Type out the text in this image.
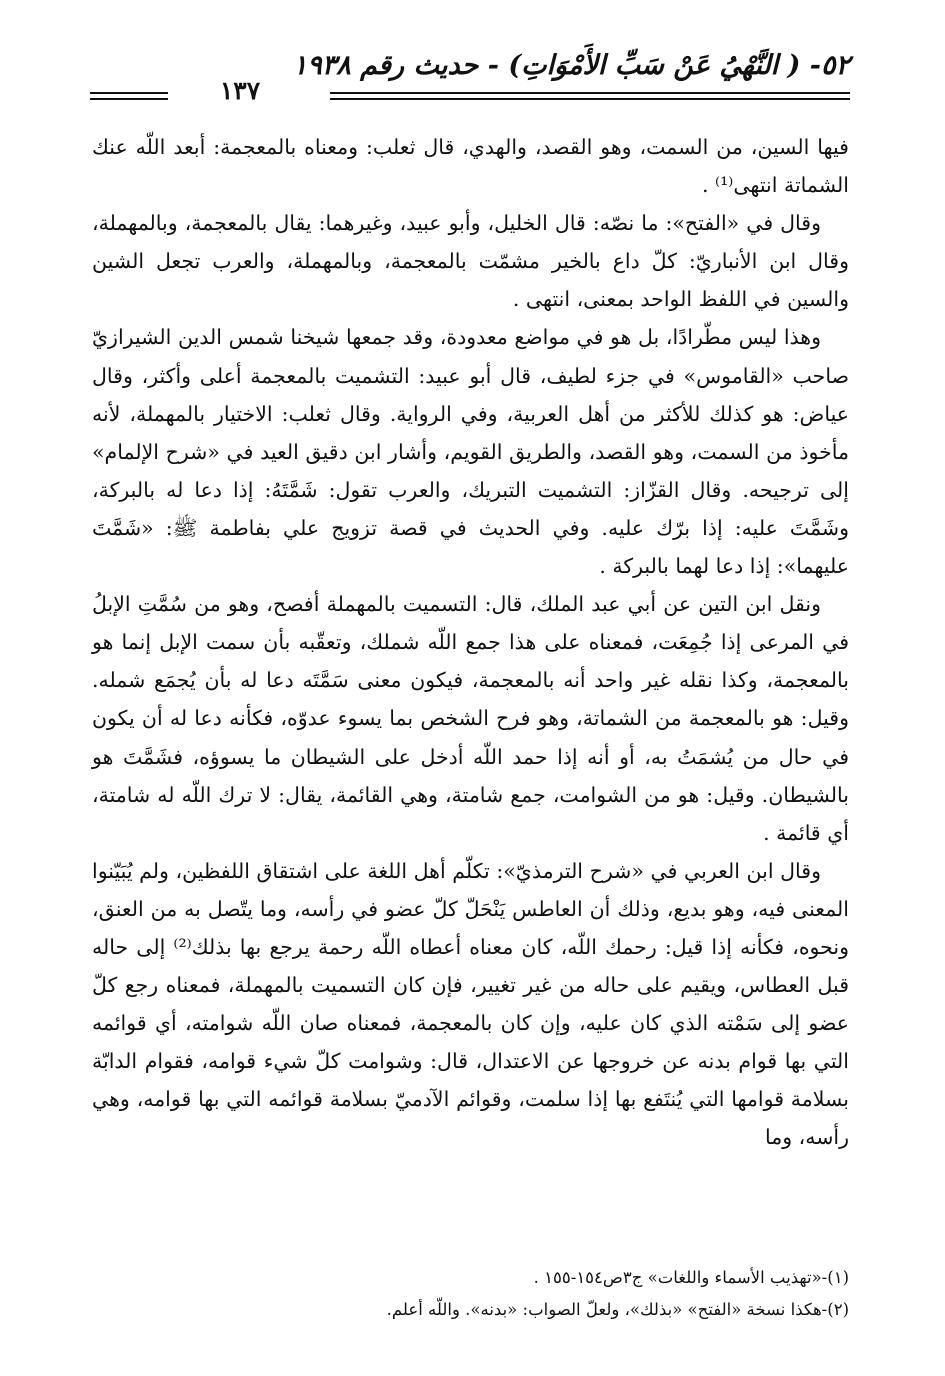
٥٢- ( النَّهْيُ عَنْ سَبِّ الأَمْوَاتِ) - حديث رقم ١٩٣٨
١٣٧

فيها السين، من السمت، وهو القصد، والهدي، قال ثعلب: ومعناه بالمعجمة: أبعد اللّه عنك الشماتة انتهى⁽¹⁾ .

وقال في «الفتح»: ما نصّه: قال الخليل، وأبو عبيد، وغيرهما: يقال بالمعجمة، وبالمهملة، وقال ابن الأنباريّ: كلّ داع بالخير مشمّت بالمعجمة، وبالمهملة، والعرب تجعل الشين والسين في اللفظ الواحد بمعنى، انتهى .

وهذا ليس مطّرادًا، بل هو في مواضع معدودة، وقد جمعها شيخنا شمس الدين الشيرازيّ صاحب «القاموس» في جزء لطيف، قال أبو عبيد: التشميت بالمعجمة أعلى وأكثر، وقال عياض: هو كذلك للأكثر من أهل العربية، وفي الرواية. وقال ثعلب: الاختيار بالمهملة، لأنه مأخوذ من السمت، وهو القصد، والطريق القويم، وأشار ابن دقيق العيد في «شرح الإلمام» إلى ترجيحه. وقال القزّاز: التشميت التبريك، والعرب تقول: شَمَّتَهُ: إذا دعا له بالبركة، وشَمَّتَ عليه: إذا برّك عليه. وفي الحديث في قصة تزويج علي بفاطمة ﷺ: «شَمَّتَ عليهما»: إذا دعا لهما بالبركة .

ونقل ابن التين عن أبي عبد الملك، قال: التسميت بالمهملة أفصح، وهو من سُمَّتِ الإبلُ في المرعى إذا جُمِعَت، فمعناه على هذا جمع اللّه شملك، وتعقّبه بأن سمت الإبل إنما هو بالمعجمة، وكذا نقله غير واحد أنه بالمعجمة، فيكون معنى سَمَّتَه دعا له بأن يُجمَع شمله. وقيل: هو بالمعجمة من الشماتة، وهو فرح الشخص بما يسوء عدوّه، فكأنه دعا له أن يكون في حال من يُشمَتُ به، أو أنه إذا حمد اللّه أدخل على الشيطان ما يسوؤه، فشَمَّتَ هو بالشيطان. وقيل: هو من الشوامت، جمع شامتة، وهي القائمة، يقال: لا ترك اللّه له شامتة، أي قائمة .

وقال ابن العربي في «شرح الترمذيّ»: تكلّم أهل اللغة على اشتقاق اللفظين، ولم يُبَيّنوا المعنى فيه، وهو بديع، وذلك أن العاطس يَنْحَلّ كلّ عضو في رأسه، وما يتّصل به من العنق، ونحوه، فكأنه إذا قيل: رحمك اللّه، كان معناه أعطاه اللّه رحمة يرجع بها بذلك⁽²⁾ إلى حاله قبل العطاس، ويقيم على حاله من غير تغيير، فإن كان التسميت بالمهملة، فمعناه رجع كلّ عضو إلى سَمْته الذي كان عليه، وإن كان بالمعجمة، فمعناه صان اللّه شوامته، أي قوائمه التي بها قوام بدنه عن خروجها عن الاعتدال، قال: وشوامت كلّ شيء قوامه، فقوام الدابّة بسلامة قوامها التي يُنتَفع بها إذا سلمت، وقوائم الآدميّ بسلامة قوائمه التي بها قوامه، وهي رأسه، وما

(١)-«تهذيب الأسماء واللغات» ج٣ص١٥٤-١٥٥ .

(٢)-هكذا نسخة «الفتح» «بذلك»، ولعلّ الصواب: «بدنه». واللّه أعلم.
